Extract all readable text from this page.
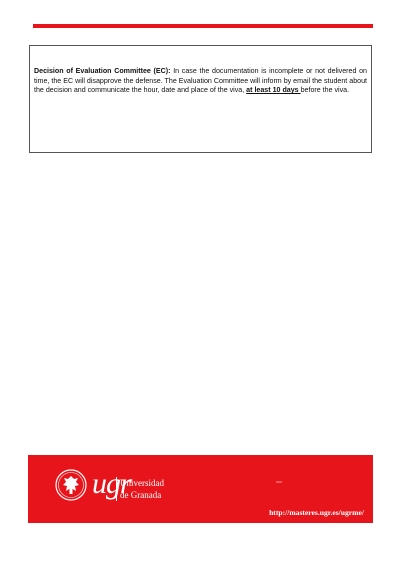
Decision of Evaluation Committee (EC): In case the documentation is incomplete or not delivered on time, the EC will disapprove the defense. The Evaluation Committee will inform by email the student about the decision and communicate the hour, date and place of the viva, at least 10 days before the viva.

ugr
Universidad
de Granada
http://masteres.ugr.es/ugrme/
